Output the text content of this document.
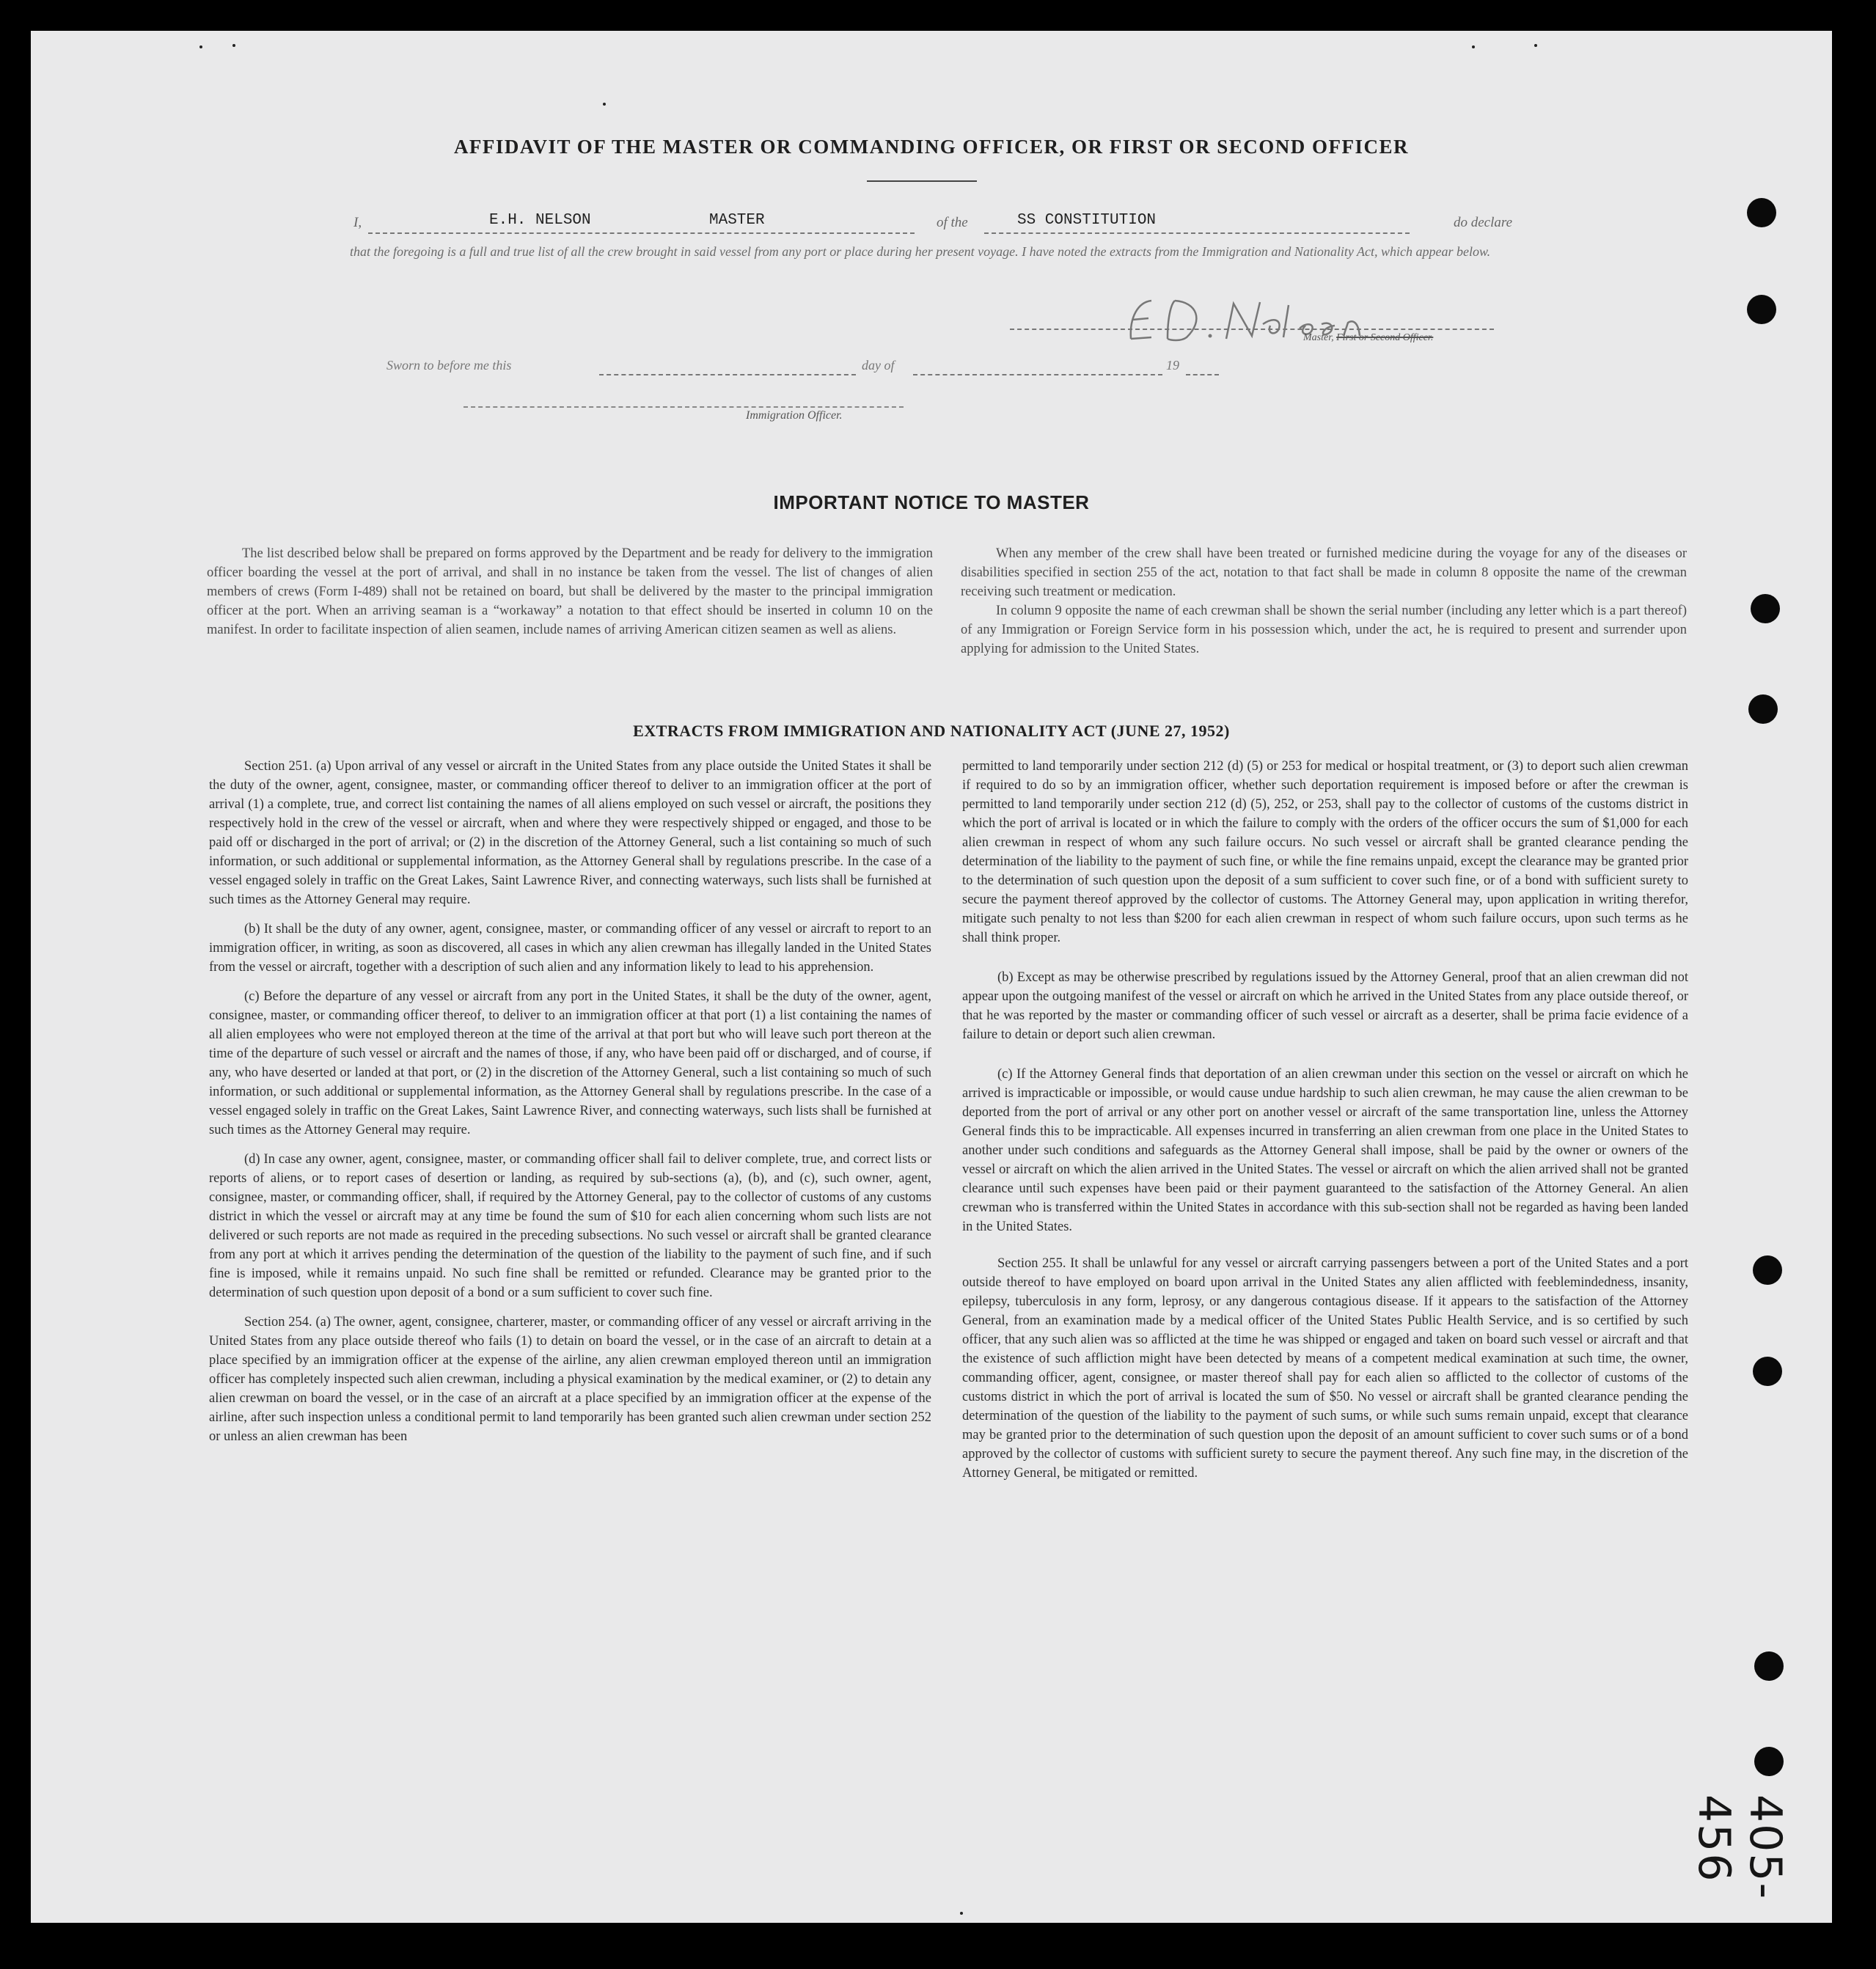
AFFIDAVIT OF THE MASTER OR COMMANDING OFFICER, OR FIRST OR SECOND OFFICER
I,	E.H. NELSON	MASTER	of the	SS CONSTITUTION	do declare
that the foregoing is a full and true list of all the crew brought in said vessel from any port or place during her present voyage. I have noted the extracts from the Immigration and Nationality Act, which appear below.
Master, First or Second Officer.
Sworn to before me this	day of	19
Immigration Officer.
IMPORTANT NOTICE TO MASTER

The list described below shall be prepared on forms approved by the Department and be ready for delivery to the immigration officer boarding the vessel at the port of arrival, and shall in no instance be taken from the vessel. The list of changes of alien members of crews (Form I-489) shall not be retained on board, but shall be delivered by the master to the principal immigration officer at the port. When an arriving seaman is a “workaway” a notation to that effect should be inserted in column 10 on the manifest. In order to facilitate inspection of alien seamen, include names of arriving American citizen seamen as well as aliens.

When any member of the crew shall have been treated or furnished medicine during the voyage for any of the diseases or disabilities specified in section 255 of the act, notation to that fact shall be made in column 8 opposite the name of the crewman receiving such treatment or medication.

In column 9 opposite the name of each crewman shall be shown the serial number (including any letter which is a part thereof) of any Immigration or Foreign Service form in his possession which, under the act, he is required to present and surrender upon applying for admission to the United States.

EXTRACTS FROM IMMIGRATION AND NATIONALITY ACT (JUNE 27, 1952)

Section 251. (a) Upon arrival of any vessel or aircraft in the United States from any place outside the United States it shall be the duty of the owner, agent, consignee, master, or commanding officer thereof to deliver to an immigration officer at the port of arrival (1) a complete, true, and correct list containing the names of all aliens employed on such vessel or aircraft, the positions they respectively hold in the crew of the vessel or aircraft, when and where they were respectively shipped or engaged, and those to be paid off or discharged in the port of arrival; or (2) in the discretion of the Attorney General, such a list containing so much of such information, or such additional or supplemental information, as the Attorney General shall by regulations prescribe. In the case of a vessel engaged solely in traffic on the Great Lakes, Saint Lawrence River, and connecting waterways, such lists shall be furnished at such times as the Attorney General may require.

(b) It shall be the duty of any owner, agent, consignee, master, or commanding officer of any vessel or aircraft to report to an immigration officer, in writing, as soon as discovered, all cases in which any alien crewman has illegally landed in the United States from the vessel or aircraft, together with a description of such alien and any information likely to lead to his apprehension.

(c) Before the departure of any vessel or aircraft from any port in the United States, it shall be the duty of the owner, agent, consignee, master, or commanding officer thereof, to deliver to an immigration officer at that port (1) a list containing the names of all alien employees who were not employed thereon at the time of the arrival at that port but who will leave such port thereon at the time of the departure of such vessel or aircraft and the names of those, if any, who have been paid off or discharged, and of course, if any, who have deserted or landed at that port, or (2) in the discretion of the Attorney General, such a list containing so much of such information, or such additional or supplemental information, as the Attorney General shall by regulations prescribe. In the case of a vessel engaged solely in traffic on the Great Lakes, Saint Lawrence River, and connecting waterways, such lists shall be furnished at such times as the Attorney General may require.

(d) In case any owner, agent, consignee, master, or commanding officer shall fail to deliver complete, true, and correct lists or reports of aliens, or to report cases of desertion or landing, as required by sub-sections (a), (b), and (c), such owner, agent, consignee, master, or commanding officer, shall, if required by the Attorney General, pay to the collector of customs of any customs district in which the vessel or aircraft may at any time be found the sum of $10 for each alien concerning whom such lists are not delivered or such reports are not made as required in the preceding subsections. No such vessel or aircraft shall be granted clearance from any port at which it arrives pending the determination of the question of the liability to the payment of such fine, and if such fine is imposed, while it remains unpaid. No such fine shall be remitted or refunded. Clearance may be granted prior to the determination of such question upon deposit of a bond or a sum sufficient to cover such fine.

Section 254. (a) The owner, agent, consignee, charterer, master, or commanding officer of any vessel or aircraft arriving in the United States from any place outside thereof who fails (1) to detain on board the vessel, or in the case of an aircraft to detain at a place specified by an immigration officer at the expense of the airline, any alien crewman employed thereon until an immigration officer has completely inspected such alien crewman, including a physical examination by the medical examiner, or (2) to detain any alien crewman on board the vessel, or in the case of an aircraft at a place specified by an immigration officer at the expense of the airline, after such inspection unless a conditional permit to land temporarily has been granted such alien crewman under section 252 or unless an alien crewman has been

permitted to land temporarily under section 212 (d) (5) or 253 for medical or hospital treatment, or (3) to deport such alien crewman if required to do so by an immigration officer, whether such deportation requirement is imposed before or after the crewman is permitted to land temporarily under section 212 (d) (5), 252, or 253, shall pay to the collector of customs of the customs district in which the port of arrival is located or in which the failure to comply with the orders of the officer occurs the sum of $1,000 for each alien crewman in respect of whom any such failure occurs. No such vessel or aircraft shall be granted clearance pending the determination of the liability to the payment of such fine, or while the fine remains unpaid, except the clearance may be granted prior to the determination of such question upon the deposit of a sum sufficient to cover such fine, or of a bond with sufficient surety to secure the payment thereof approved by the collector of customs. The Attorney General may, upon application in writing therefor, mitigate such penalty to not less than $200 for each alien crewman in respect of whom such failure occurs, upon such terms as he shall think proper.

(b) Except as may be otherwise prescribed by regulations issued by the Attorney General, proof that an alien crewman did not appear upon the outgoing manifest of the vessel or aircraft on which he arrived in the United States from any place outside thereof, or that he was reported by the master or commanding officer of such vessel or aircraft as a deserter, shall be prima facie evidence of a failure to detain or deport such alien crewman.

(c) If the Attorney General finds that deportation of an alien crewman under this section on the vessel or aircraft on which he arrived is impracticable or impossible, or would cause undue hardship to such alien crewman, he may cause the alien crewman to be deported from the port of arrival or any other port on another vessel or aircraft of the same transportation line, unless the Attorney General finds this to be impracticable. All expenses incurred in transferring an alien crewman from one place in the United States to another under such conditions and safeguards as the Attorney General shall impose, shall be paid by the owner or owners of the vessel or aircraft on which the alien arrived in the United States. The vessel or aircraft on which the alien arrived shall not be granted clearance until such expenses have been paid or their payment guaranteed to the satisfaction of the Attorney General. An alien crewman who is transferred within the United States in accordance with this sub-section shall not be regarded as having been landed in the United States.

Section 255. It shall be unlawful for any vessel or aircraft carrying passengers between a port of the United States and a port outside thereof to have employed on board upon arrival in the United States any alien afflicted with feeblemindedness, insanity, epilepsy, tuberculosis in any form, leprosy, or any dangerous contagious disease. If it appears to the satisfaction of the Attorney General, from an examination made by a medical officer of the United States Public Health Service, and is so certified by such officer, that any such alien was so afflicted at the time he was shipped or engaged and taken on board such vessel or aircraft and that the existence of such affliction might have been detected by means of a competent medical examination at such time, the owner, commanding officer, agent, consignee, or master thereof shall pay for each alien so afflicted to the collector of customs of the customs district in which the port of arrival is located the sum of $50. No vessel or aircraft shall be granted clearance pending the determination of the question of the liability to the payment of such sums, or while such sums remain unpaid, except that clearance may be granted prior to the determination of such question upon the deposit of an amount sufficient to cover such sums or of a bond approved by the collector of customs with sufficient surety to secure the payment thereof. Any such fine may, in the discretion of the Attorney General, be mitigated or remitted.

405-456
